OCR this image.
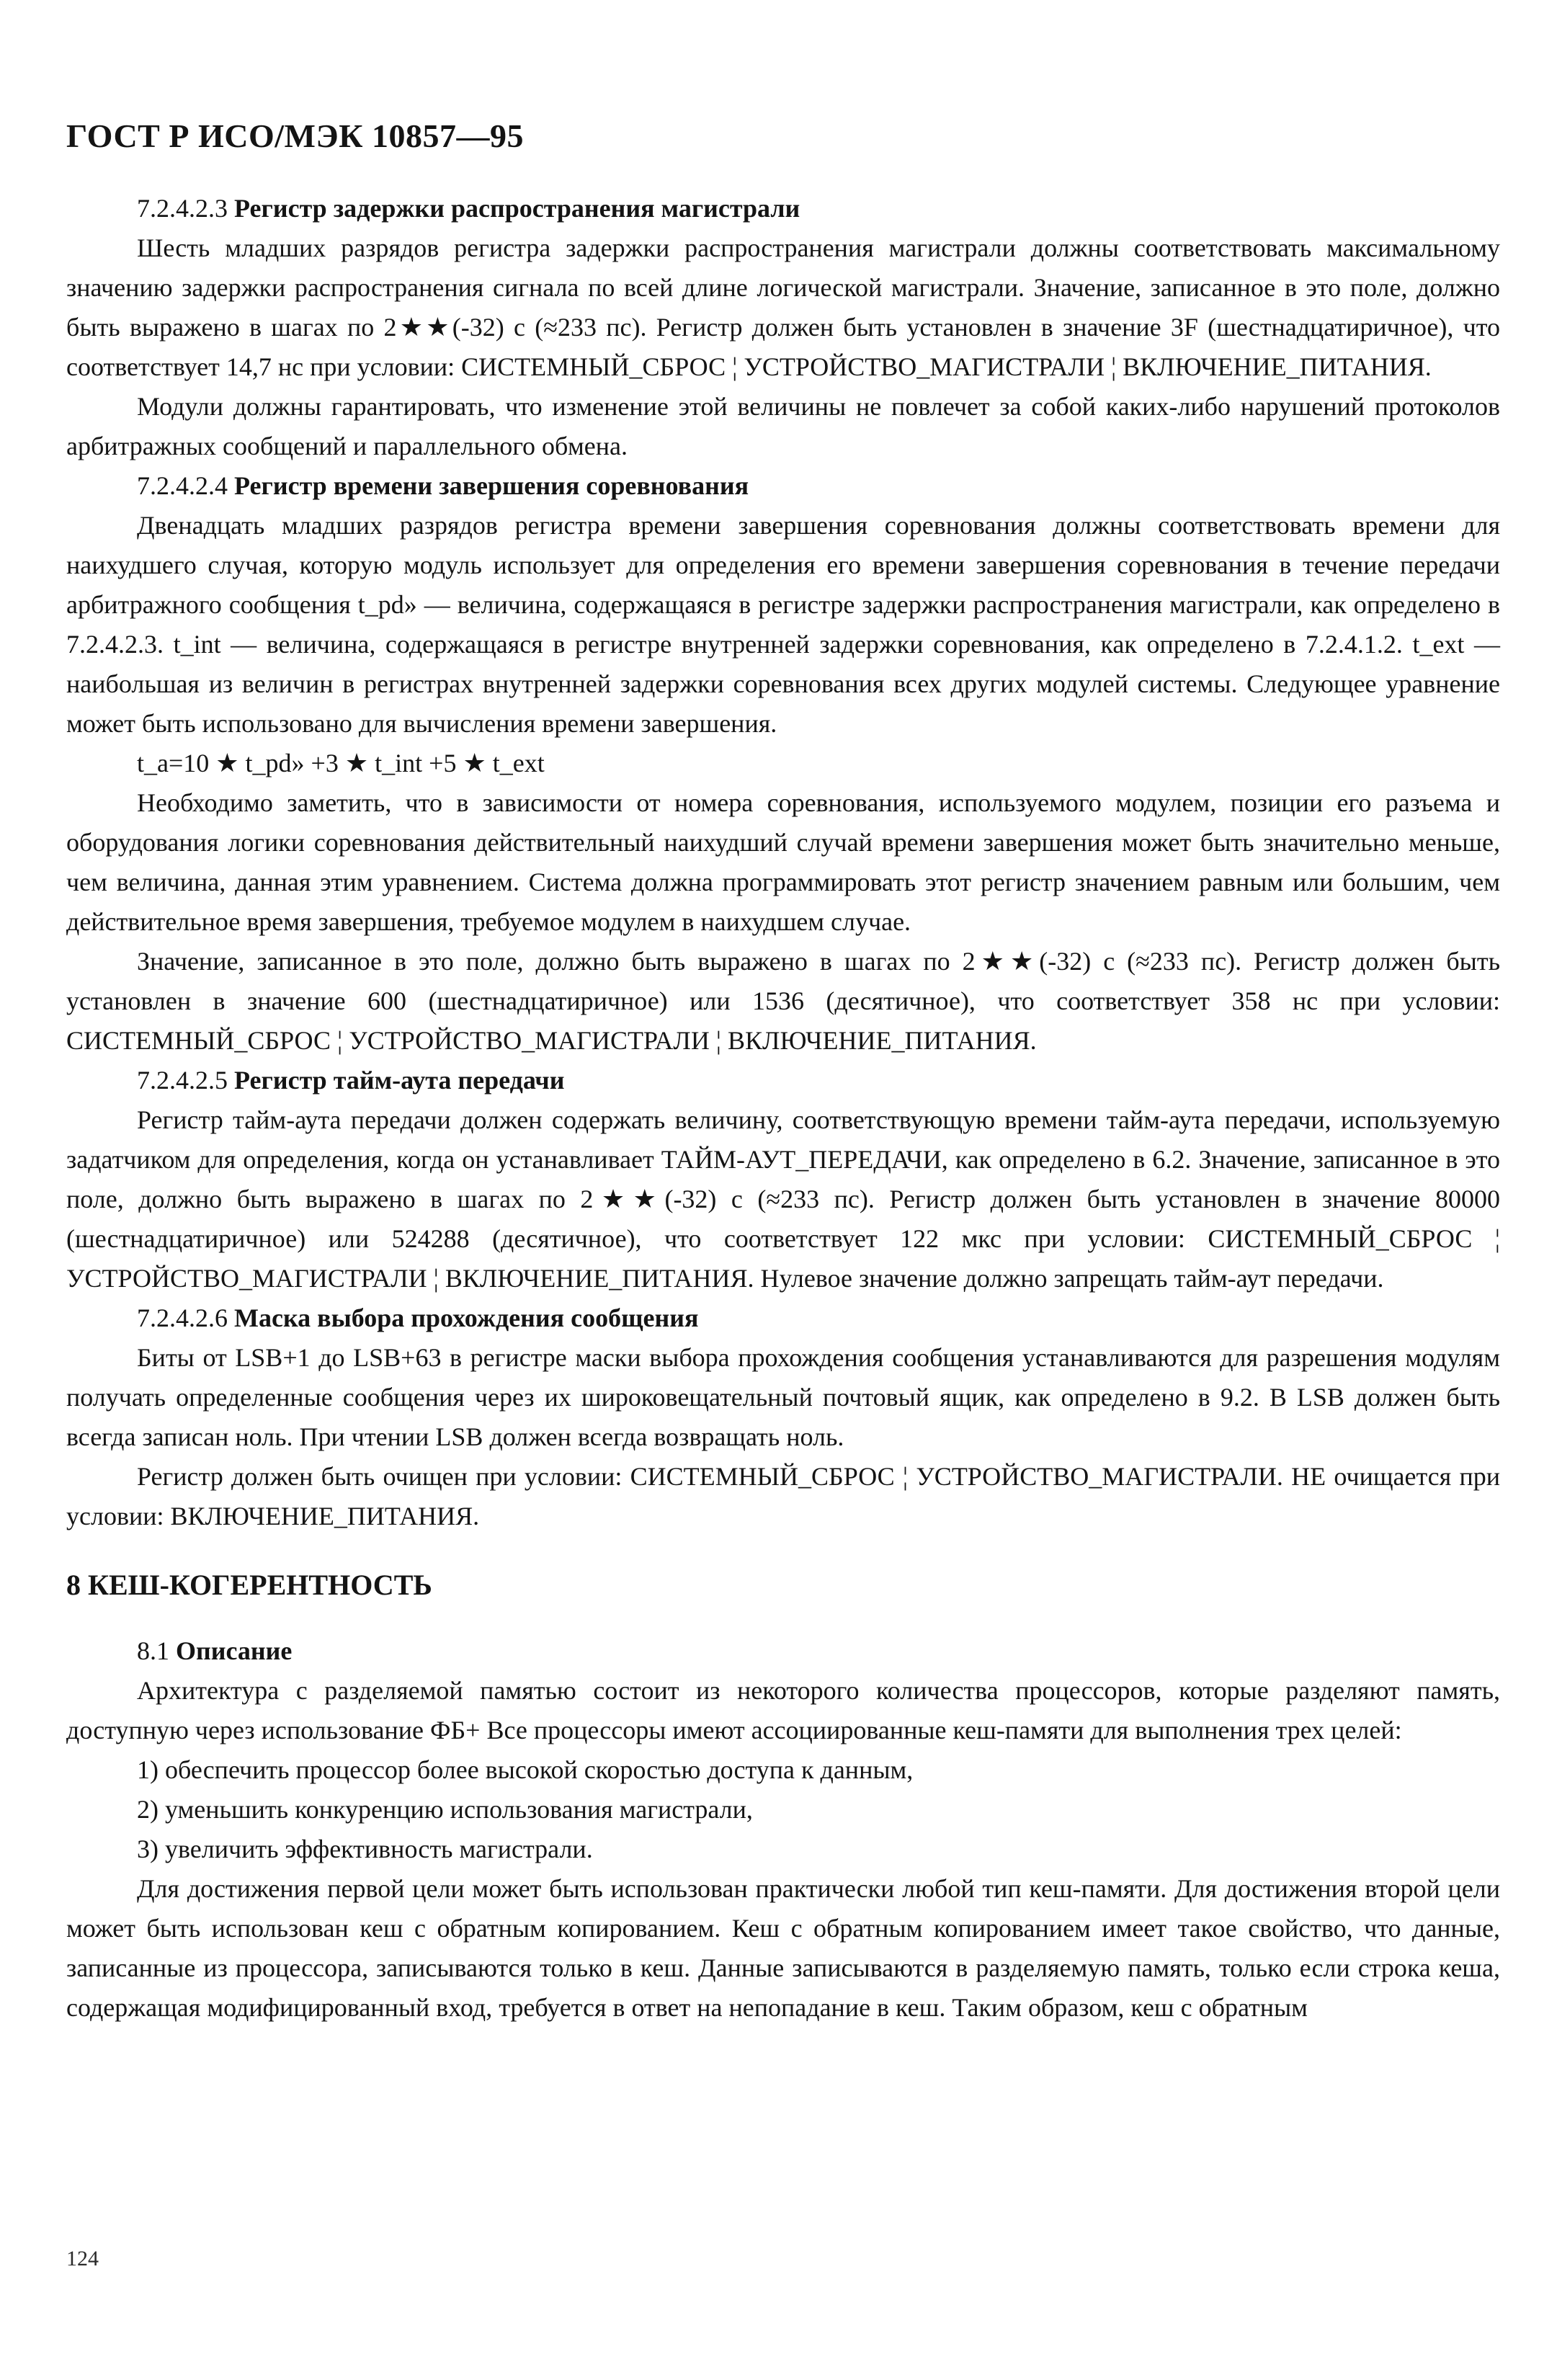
ГОСТ Р ИСО/МЭК 10857—95

7.2.4.2.3 Регистр задержки распространения магистрали

Шесть младших разрядов регистра задержки распространения магистрали должны соответствовать максимальному значению задержки распространения сигнала по всей длине логической магистрали. Значение, записанное в это поле, должно быть выражено в шагах по 2★★(-32) с (≈233 пс). Регистр должен быть установлен в значение 3F (шестнадцатиричное), что соответствует 14,7 нс при условии: СИСТЕМНЫЙ_СБРОС ¦ УСТРОЙСТВО_МАГИСТРАЛИ ¦ ВКЛЮЧЕНИЕ_ПИТАНИЯ.

Модули должны гарантировать, что изменение этой величины не повлечет за собой каких-либо нарушений протоколов арбитражных сообщений и параллельного обмена.

7.2.4.2.4 Регистр времени завершения соревнования

Двенадцать младших разрядов регистра времени завершения соревнования должны соответствовать времени для наихудшего случая, которую модуль использует для определения его времени завершения соревнования в течение передачи арбитражного сообщения t_pd» — величина, содержащаяся в регистре задержки распространения магистрали, как определено в 7.2.4.2.3. t_int — величина, содержащаяся в регистре внутренней задержки соревнования, как определено в 7.2.4.1.2. t_ext — наибольшая из величин в регистрах внутренней задержки соревнования всех других модулей системы. Следующее уравнение может быть использовано для вычисления времени завершения.

t_a=10 ★ t_pd» +3 ★ t_int +5 ★ t_ext

Необходимо заметить, что в зависимости от номера соревнования, используемого модулем, позиции его разъема и оборудования логики соревнования действительный наихудший случай времени завершения может быть значительно меньше, чем величина, данная этим уравнением. Система должна программировать этот регистр значением равным или большим, чем действительное время завершения, требуемое модулем в наихудшем случае.

Значение, записанное в это поле, должно быть выражено в шагах по 2★★(-32) с (≈233 пс). Регистр должен быть установлен в значение 600 (шестнадцатиричное) или 1536 (десятичное), что соответствует 358 нс при условии: СИСТЕМНЫЙ_СБРОС ¦ УСТРОЙСТВО_МАГИСТРАЛИ ¦ ВКЛЮЧЕНИЕ_ПИТАНИЯ.

7.2.4.2.5 Регистр тайм-аута передачи

Регистр тайм-аута передачи должен содержать величину, соответствующую времени тайм-аута передачи, используемую задатчиком для определения, когда он устанавливает ТАЙМ-АУТ_ПЕРЕДАЧИ, как определено в 6.2. Значение, записанное в это поле, должно быть выражено в шагах по 2★★(-32) с (≈233 пс). Регистр должен быть установлен в значение 80000 (шестнадцатиричное) или 524288 (десятичное), что соответствует 122 мкс при условии: СИСТЕМНЫЙ_СБРОС ¦ УСТРОЙСТВО_МАГИСТРАЛИ ¦ ВКЛЮЧЕНИЕ_ПИТАНИЯ. Нулевое значение должно запрещать тайм-аут передачи.

7.2.4.2.6 Маска выбора прохождения сообщения

Биты от LSB+1 до LSB+63 в регистре маски выбора прохождения сообщения устанавливаются для разрешения модулям получать определенные сообщения через их широковещательный почтовый ящик, как определено в 9.2. В LSB должен быть всегда записан ноль. При чтении LSB должен всегда возвращать ноль.

Регистр должен быть очищен при условии: СИСТЕМНЫЙ_СБРОС ¦ УСТРОЙСТВО_МАГИСТРАЛИ. НЕ очищается при условии: ВКЛЮЧЕНИЕ_ПИТАНИЯ.

8 КЕШ-КОГЕРЕНТНОСТЬ

8.1 Описание

Архитектура с разделяемой памятью состоит из некоторого количества процессоров, которые разделяют память, доступную через использование ФБ+ Все процессоры имеют ассоциированные кеш-памяти для выполнения трех целей:

1) обеспечить процессор более высокой скоростью доступа к данным,

2) уменьшить конкуренцию использования магистрали,

3) увеличить эффективность магистрали.

Для достижения первой цели может быть использован практически любой тип кеш-памяти. Для достижения второй цели может быть использован кеш с обратным копированием. Кеш с обратным копированием имеет такое свойство, что данные, записанные из процессора, записываются только в кеш. Данные записываются в разделяемую память, только если строка кеша, содержащая модифицированный вход, требуется в ответ на непопадание в кеш. Таким образом, кеш с обратным

124
